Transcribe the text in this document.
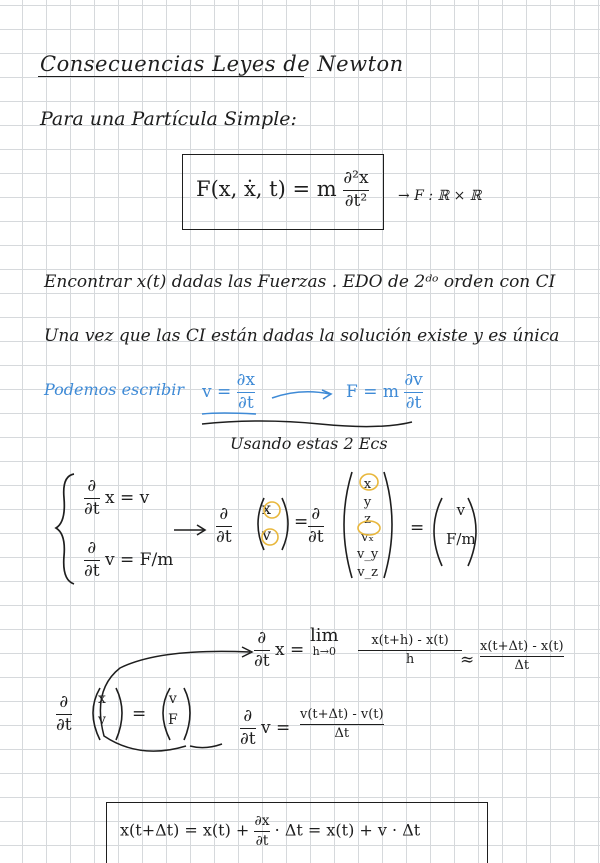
Consecuencias Leyes de Newton
Para una Partícula Simple:
F(x, ẋ, t) = m $\frac{\text{∂²x}}{\text{∂t²}} \to F$ : ℝ × ℝ
Encontrar x(t) dadas las Fuerzas . EDO de 2ᵈᵒ orden con CI
Una vez que las CI están dadas la solución existe y es única
Podemos escribir $v = \frac{\partial x}{\partial t}$	F = m $\frac{\partial v}{\partial t}$
Usando estas 2 Ecs
$\frac{\partial}{\partial t}$ x = v
$\frac{\partial}{\partial t}$ v = F/m
$\frac{\partial}{\partial t}$ x
v
= $\frac{\partial}{\partial t}$
x
y
z
vₓ
v_y
v_z
=
v
F/m
$\frac{\partial}{\partial t}$ x =
lim
$h\to 0 \frac{x(t+h) - x(t)}{h}$
≈ $\frac{x(t+\Delta t) - x(t)}{\Delta t}$
$\frac{\partial}{\partial t}$ x
v =
v
F	$\frac{\partial}{\partial t}$ $v = \frac{v(t+\Delta t) - v(t)}{\Delta t}$
$x(t+\Delta t) = x(t) + \frac{\partial x}{\partial t} \cdot \Delta t = x(t) + v \cdot \Delta t$
